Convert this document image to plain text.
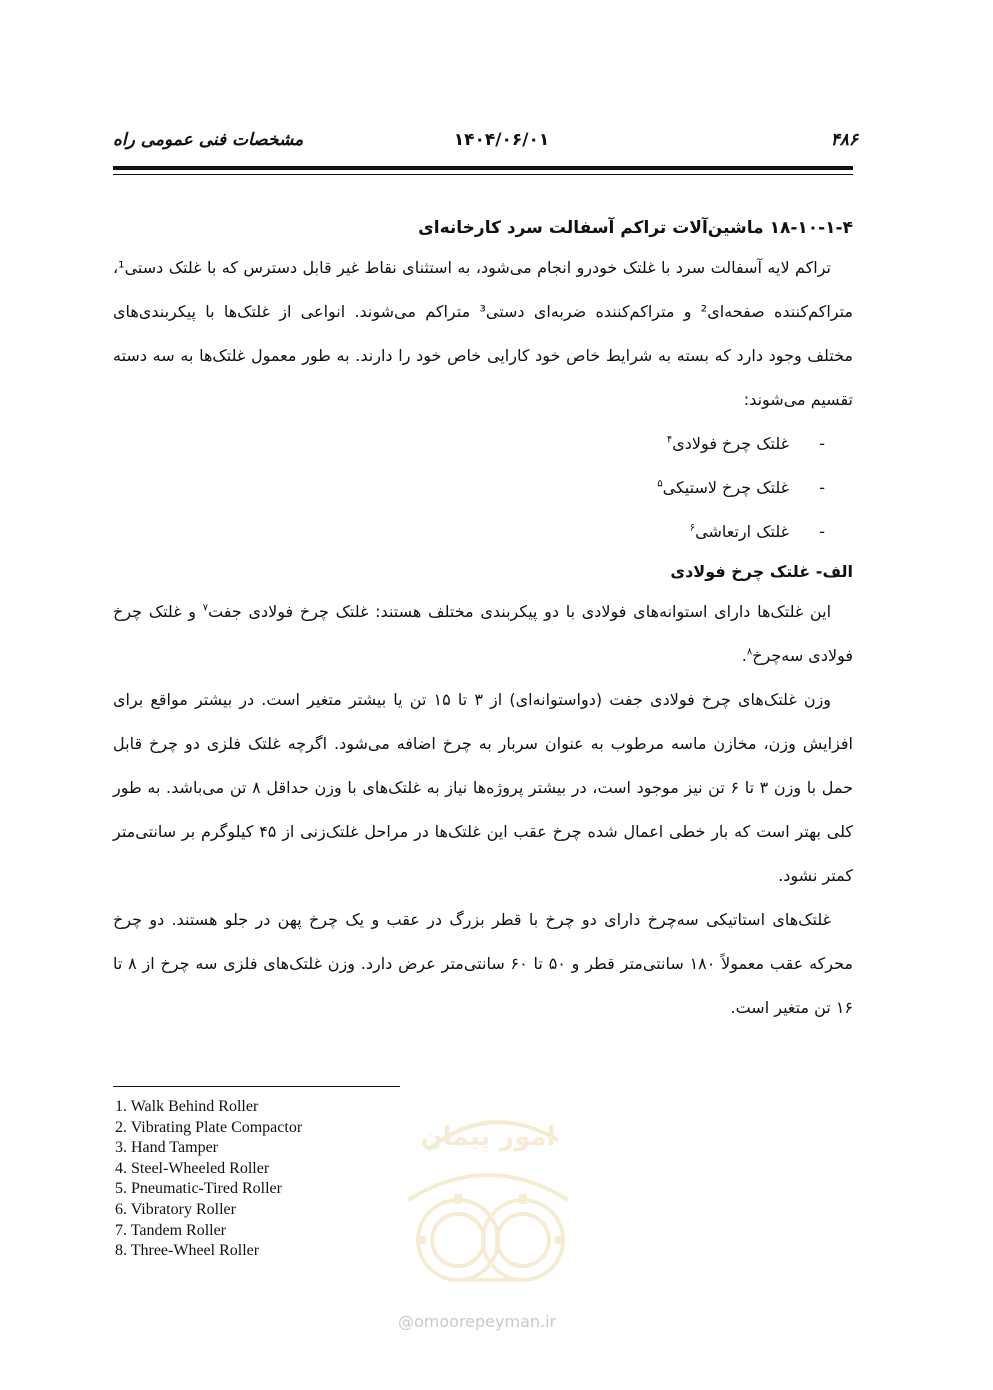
۴۸۶
۱۴۰۴/۰۶/۰۱
مشخصات فنی عمومی راه

۱۸-۱۰-۱-۴ ماشین‌آلات تراکم آسفالت سرد کارخانه‌ای

تراکم لایه آسفالت سرد با غلتک خودرو انجام می‌شود، به استثنای نقاط غیر قابل دسترس که با غلتک دستی¹، متراکم‌کننده صفحه‌ای² و متراکم‌کننده ضربه‌ای دستی³ متراکم می‌شوند. انواعی از غلتک‌ها با پیکربندی‌های مختلف وجود دارد که بسته به شرایط خاص خود کارایی خاص خود را دارند. به طور معمول غلتک‌ها به سه دسته تقسیم می‌شوند:

-غلتک چرخ فولادی$^۴$
-غلتک چرخ لاستیکی$^۵$
-غلتک ارتعاشی$^۶$

الف- غلتک چرخ فولادی

این غلتک‌ها دارای استوانه‌های فولادی با دو پیکربندی مختلف هستند: غلتک چرخ فولادی جفت$^۷$ و غلتک چرخ فولادی سه‌چرخ$^۸$.

وزن غلتک‌های چرخ فولادی جفت (دواستوانه‌ای) از ۳ تا ۱۵ تن یا بیشتر متغیر است. در بیشتر مواقع برای افزایش وزن، مخازن ماسه مرطوب به عنوان سربار به چرخ اضافه می‌شود. اگرچه غلتک فلزی دو چرخ قابل حمل با وزن ۳ تا ۶ تن نیز موجود است، در بیشتر پروژه‌ها نیاز به غلتک‌های با وزن حداقل ۸ تن می‌باشد. به طور کلی بهتر است که بار خطی اعمال شده چرخ عقب این غلتک‌ها در مراحل غلتک‌زنی از ۴۵ کیلوگرم بر سانتی‌متر کمتر نشود.

غلتک‌های استاتیکی سه‌چرخ دارای دو چرخ با قطر بزرگ در عقب و یک چرخ پهن در جلو هستند. دو چرخ محرکه عقب معمولاً ۱۸۰ سانتی‌متر قطر و ۵۰ تا ۶۰ سانتی‌متر عرض دارد. وزن غلتک‌های فلزی سه چرخ از ۸ تا ۱۶ تن متغیر است.

1. Walk Behind Roller
2. Vibrating Plate Compactor
3. Hand Tamper
4. Steel-Wheeled Roller
5. Pneumatic-Tired Roller
6. Vibratory Roller
7. Tandem Roller
8. Three-Wheel Roller
امور پیمان
@omoorepeyman.ir
